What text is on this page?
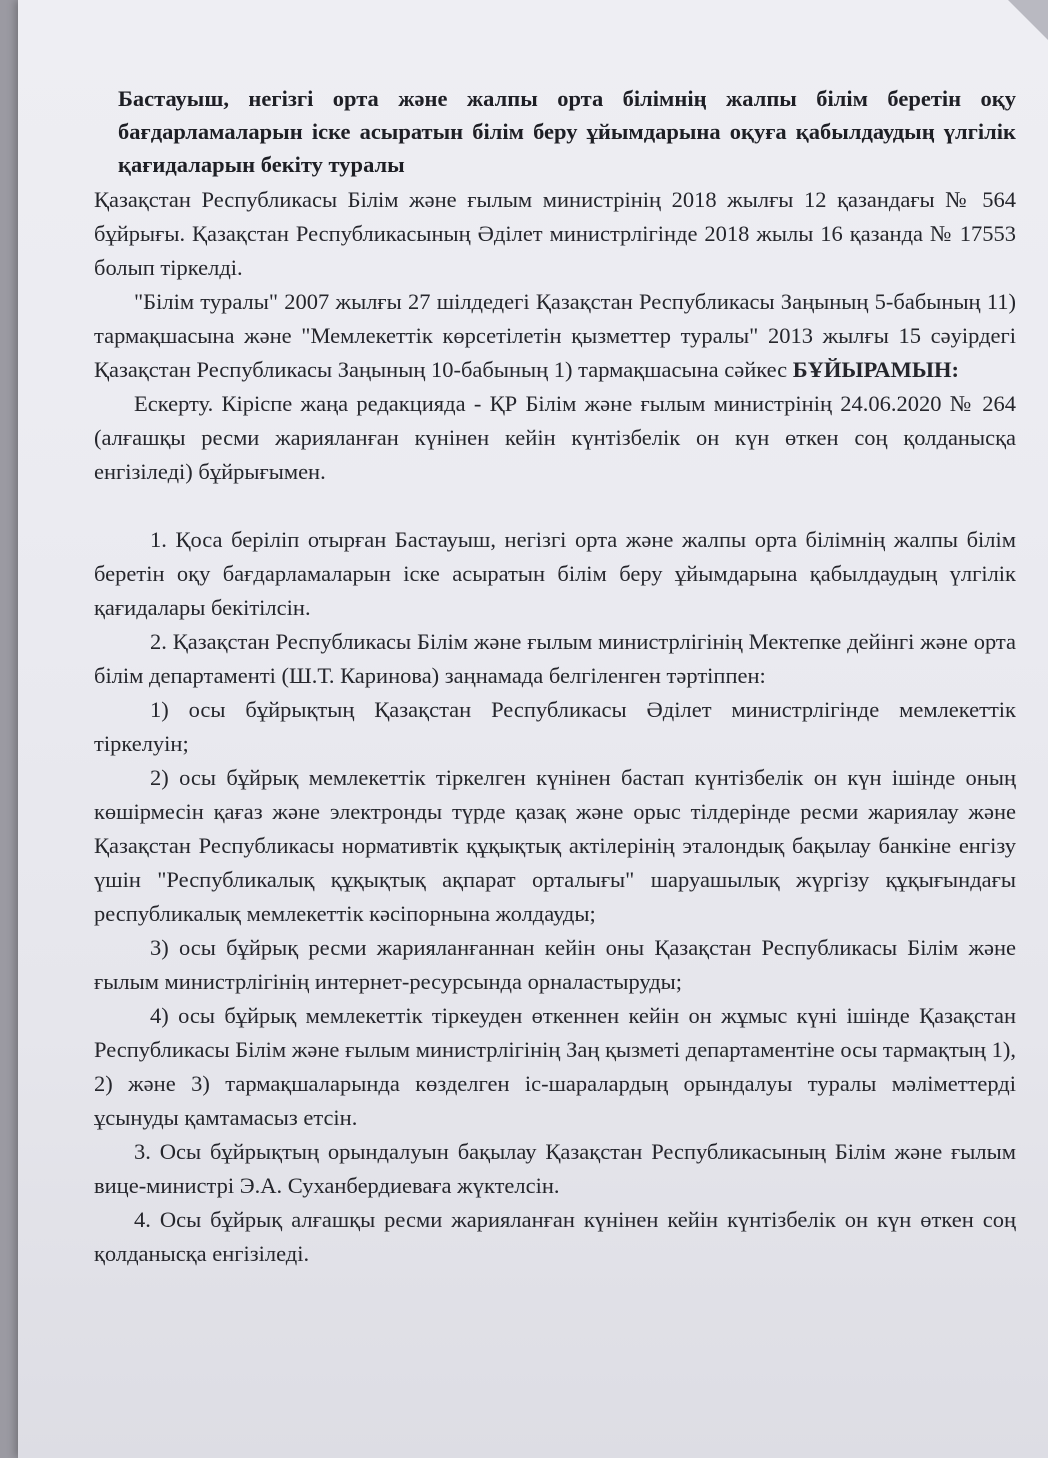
Бастауыш, негізгі орта және жалпы орта білімнің жалпы білім беретін оқу бағдарламаларын іске асыратын білім беру ұйымдарына оқуға қабылдаудың үлгілік қағидаларын бекіту туралы

Қазақстан Республикасы Білім және ғылым министрінің 2018 жылғы 12 қазандағы № 564 бұйрығы. Қазақстан Республикасының Әділет министрлігінде 2018 жылы 16 қазанда № 17553 болып тіркелді.

"Білім туралы" 2007 жылғы 27 шілдедегі Қазақстан Республикасы Заңының 5-бабының 11) тармақшасына және "Мемлекеттік көрсетілетін қызметтер туралы" 2013 жылғы 15 сәуірдегі Қазақстан Республикасы Заңының 10-бабының 1) тармақшасына сәйкес БҰЙЫРАМЫН:

Ескерту. Кіріспе жаңа редакцияда - ҚР Білім және ғылым министрінің 24.06.2020 № 264 (алғашқы ресми жарияланған күнінен кейін күнтізбелік он күн өткен соң қолданысқа енгізіледі) бұйрығымен.

1. Қоса беріліп отырған Бастауыш, негізгі орта және жалпы орта білімнің жалпы білім беретін оқу бағдарламаларын іске асыратын білім беру ұйымдарына қабылдаудың үлгілік қағидалары бекітілсін.

2. Қазақстан Республикасы Білім және ғылым министрлігінің Мектепке дейінгі және орта білім департаменті (Ш.Т. Каринова) заңнамада белгіленген тәртіппен:

1) осы бұйрықтың Қазақстан Республикасы Әділет министрлігінде мемлекеттік тіркелуін;

2) осы бұйрық мемлекеттік тіркелген күнінен бастап күнтізбелік он күн ішінде оның көшірмесін қағаз және электронды түрде қазақ және орыс тілдерінде ресми жариялау және Қазақстан Республикасы нормативтік құқықтық актілерінің эталондық бақылау банкіне енгізу үшін "Республикалық құқықтық ақпарат орталығы" шаруашылық жүргізу құқығындағы республикалық мемлекеттік кәсіпорнына жолдауды;

3) осы бұйрық ресми жарияланғаннан кейін оны Қазақстан Республикасы Білім және ғылым министрлігінің интернет-ресурсында орналастыруды;

4) осы бұйрық мемлекеттік тіркеуден өткеннен кейін он жұмыс күні ішінде Қазақстан Республикасы Білім және ғылым министрлігінің Заң қызметі департаментіне осы тармақтың 1), 2) және 3) тармақшаларында көзделген іс-шаралардың орындалуы туралы мәліметтерді ұсынуды қамтамасыз етсін.

3. Осы бұйрықтың орындалуын бақылау Қазақстан Республикасының Білім және ғылым вице-министрі Э.А. Суханбердиеваға жүктелсін.

4. Осы бұйрық алғашқы ресми жарияланған күнінен кейін күнтізбелік он күн өткен соң қолданысқа енгізіледі.
